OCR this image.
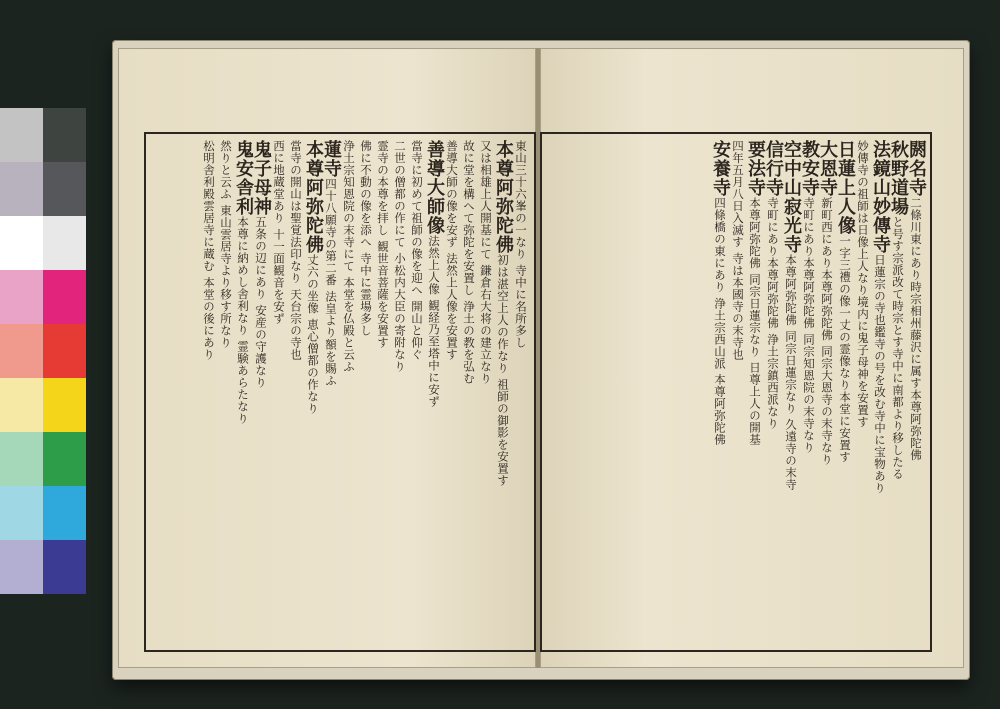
東山三十六峯の一なり 寺中に名所多し
本尊阿弥陀佛初は湛空上人の作なり 祖師の御影を安置す
又は相雄上人開基にて 鎌倉右大将の建立なり
故に堂を構へて弥陀を安置し 浄土の教を弘む
善導大師の像を安ず 法然上人像を安置す
善導大師像法然上人像 観経乃至塔中に安ず
當寺に初めて祖師の像を迎へ 開山と仰ぐ
二世の僧都の作にて 小松内大臣の寄附なり
霊寺の本尊を拝し 観世音菩薩を安置す
佛に不動の像を添へ 寺中に霊場多し
浄土宗知恩院の末寺にて 本堂を仏殿と云ふ
蓮寺四十八願寺の第二番 法皇より額を賜ふ
本尊阿弥陀佛丈六の坐像 恵心僧都の作なり
當寺の開山は聖覚法印なり 天台宗の寺也
西に地蔵堂あり 十一面観音を安ず
鬼子母神五条の辺にあり 安産の守護なり
鬼安舎利本尊に納めし舎利なり 霊験あらたなり
然りと云ふ 東山雲居寺より移す所なり
松明舎利殿雲居寺に蔵む 本堂の後にあり	閼名寺二條川東にあり時宗相州藤沢に属す本尊阿弥陀佛
秋野道場と号す宗派改て時宗とす寺中に南都より移したる
法鏡山妙傳寺日蓮宗の寺也鑑寺の号を改む寺中に宝物あり
妙傳寺の祖師は日像上人なり境内に鬼子母神を安置す
日蓮上人像一字三禮の像一丈の霊像なり本堂に安置す
大恩寺新町西にあり本尊阿弥陀佛 同宗大恩寺の末寺なり
教安寺寺町にあり本尊阿弥陀佛 同宗知恩院の末寺なり
空中山寂光寺本尊阿弥陀佛 同宗日蓮宗なり 久遠寺の末寺
信行寺寺町にあり本尊阿弥陀佛 浄土宗鎮西派なり
要法寺本尊阿弥陀佛 同宗日蓮宗なり 日尊上人の開基
四年五月八日入滅す 寺は本國寺の末寺也
安養寺四條橋の東にあり 浄土宗西山派 本尊阿弥陀佛
